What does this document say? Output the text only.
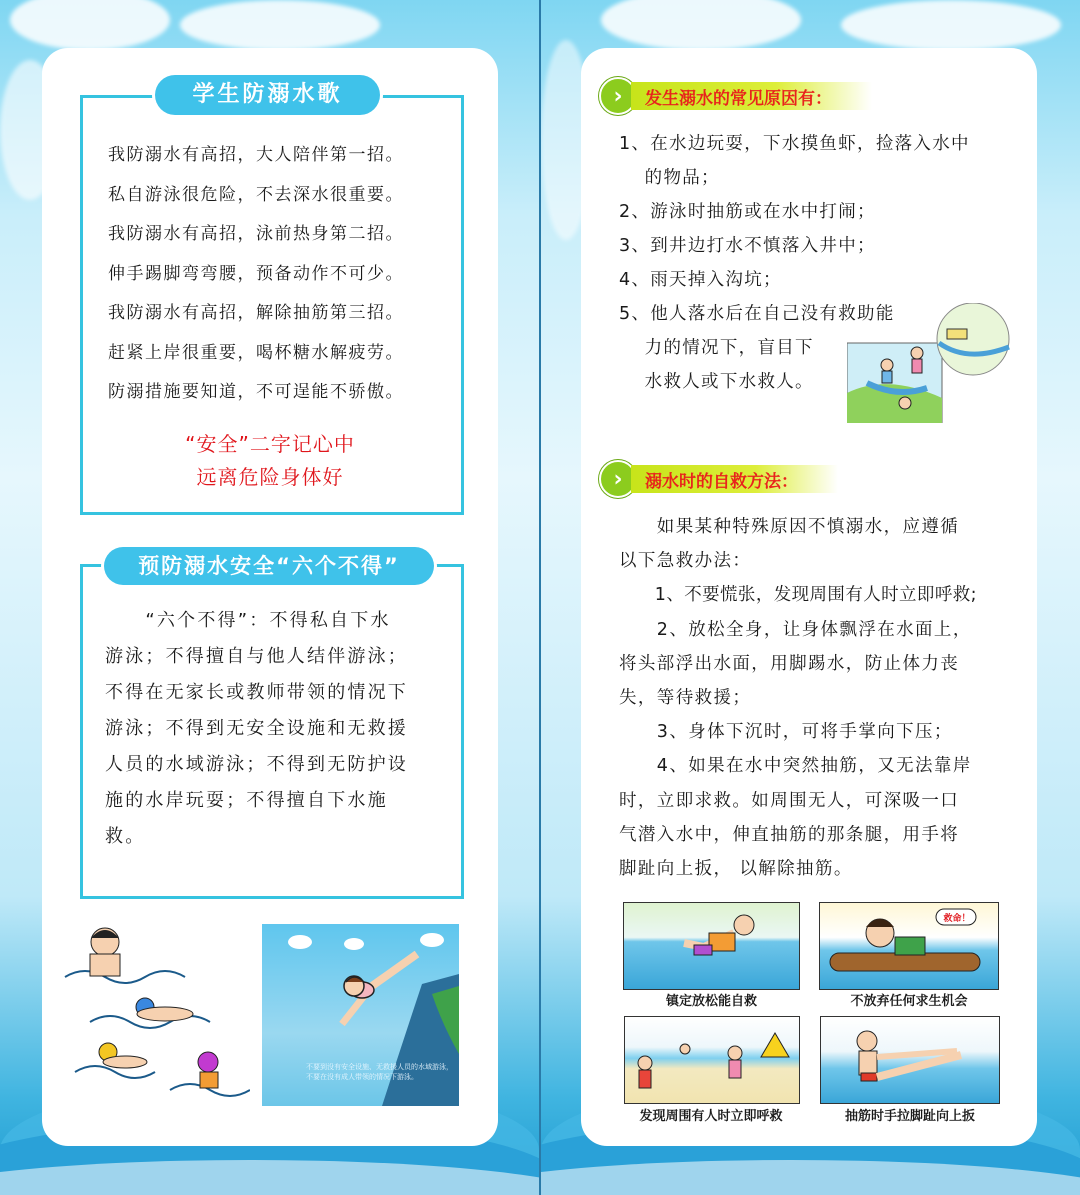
学生防溺水歌
我防溺水有高招，大人陪伴第一招。
私自游泳很危险，不去深水很重要。
我防溺水有高招，泳前热身第二招。
伸手踢脚弯弯腰，预备动作不可少。
我防溺水有高招，解除抽筋第三招。
赶紧上岸很重要，喝杯糖水解疲劳。
防溺措施要知道，不可逞能不骄傲。
“安全”二字记心中
远离危险身体好
预防溺水安全“六个不得”
　　“六个不得”：不得私自下水
游泳；不得擅自与他人结伴游泳；
不得在无家长或教师带领的情况下
游泳；不得到无安全设施和无救援
人员的水域游泳；不得到无防护设
施的水岸玩耍；不得擅自下水施
救。
不要到没有安全设施、无救援人员的水域游泳，不要在没有成人带领的情况下游泳。
›	发生溺水的常见原因有：
1、在水边玩耍，下水摸鱼虾，捡落入水中
　 的物品；
2、游泳时抽筋或在水中打闹；
3、到井边打水不慎落入井中；
4、雨天掉入沟坑；
5、他人落水后在自己没有救助能
　 力的情况下，盲目下
　 水救人或下水救人。
›	溺水时的自救方法：
　　如果某种特殊原因不慎溺水，应遵循
以下急救办法：
　　1、不要慌张，发现周围有人时立即呼救;
　　2、放松全身，让身体飘浮在水面上，
将头部浮出水面，用脚踢水，防止体力丧
失，等待救援；
　　3、身体下沉时，可将手掌向下压；
　　4、如果在水中突然抽筋，又无法靠岸
时，立即求救。如周围无人，可深吸一口
气潜入水中，伸直抽筋的那条腿，用手将
脚趾向上扳， 以解除抽筋。
镇定放松能自救
救命！
不放弃任何求生机会
发现周围有人时立即呼救	抽筋时手拉脚趾向上扳
